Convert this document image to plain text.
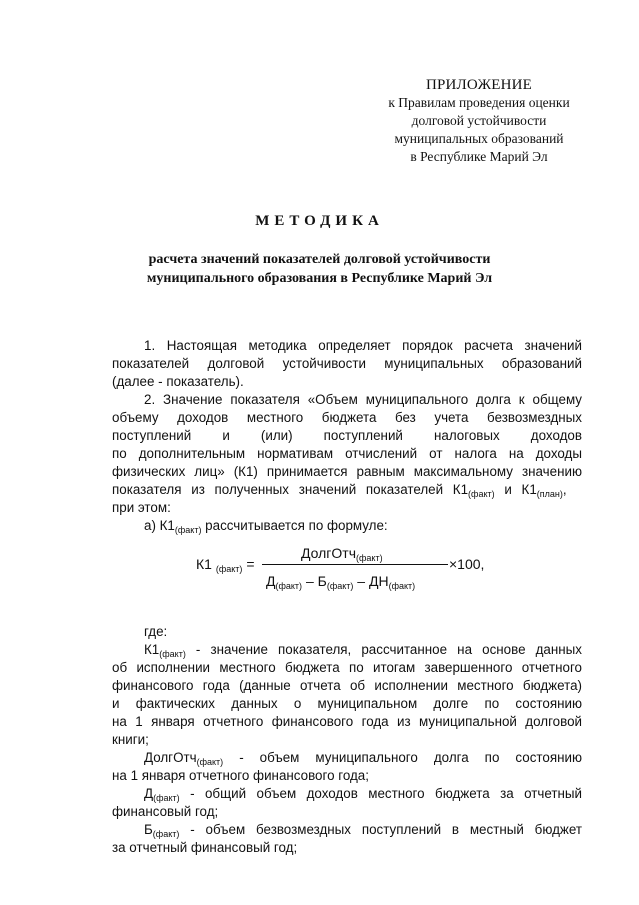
ПРИЛОЖЕНИЕ
к Правилам проведения оценки
долговой устойчивости
муниципальных образований
в Республике Марий Эл
МЕТОДИКА
расчета значений показателей долговой устойчивости
муниципального образования в Республике Марий Эл
1. Настоящая методика определяет порядок расчета значений
показателей долговой устойчивости муниципальных образований
(далее - показатель).
2. Значение показателя «Объем муниципального долга к общему
объему доходов местного бюджета без учета безвозмездных
поступлений и (или) поступлений налоговых доходов
по дополнительным нормативам отчислений от налога на доходы
физических лиц» (К1) принимается равным максимальному значению
показателя из полученных значений показателей $К1_{(факт)}$ и $К1_{(план)}$,
при этом:
а) $К1_{(факт)}$ рассчитывается по формуле:
К1 $_{(факт)}$ =
ДолгОтч$_{(факт)}$	×100,
$Д_{(факт)} - Б_{(факт)} - ДН_{(факт)}$
где:
$К1_{(факт)}$ - значение показателя, рассчитанное на основе данных
об исполнении местного бюджета по итогам завершенного отчетного
финансового года (данные отчета об исполнении местного бюджета)
и фактических данных о муниципальном долге по состоянию
на 1 января отчетного финансового года из муниципальной долговой
книги;
ДолгОтч$_{(факт)}$ - объем муниципального долга по состоянию
на 1 января отчетного финансового года;
$Д_{(факт)}$ - общий объем доходов местного бюджета за отчетный
финансовый год;
$Б_{(факт)}$ - объем безвозмездных поступлений в местный бюджет
за отчетный финансовый год;
